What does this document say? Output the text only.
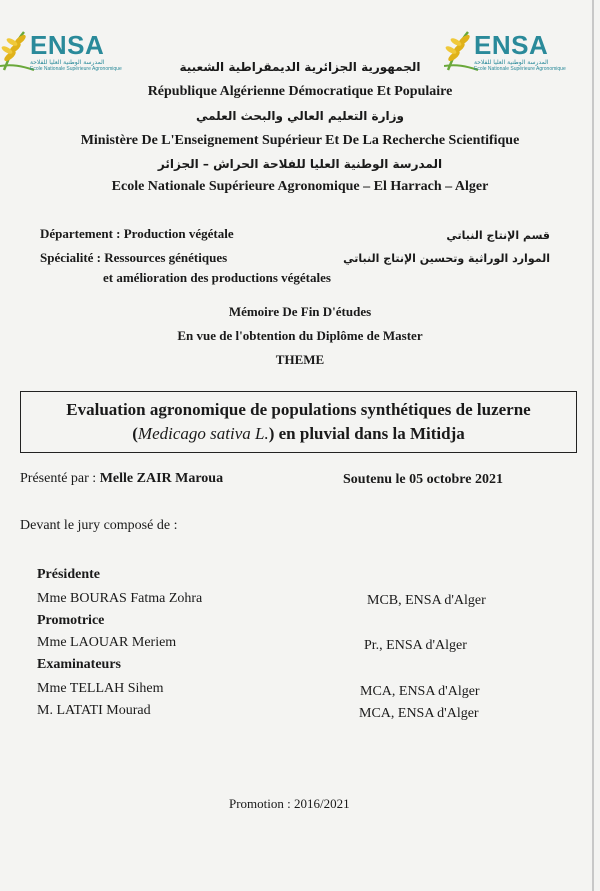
ENSA
المدرسة الوطنية العليا للفلاحة
Ecole Nationale Supérieure Agronomique
ENSA
المدرسة الوطنية العليا للفلاحة
Ecole Nationale Supérieure Agronomique
الجمهورية الجزائرية الديمقراطية الشعبية
République Algérienne Démocratique Et Populaire
وزارة التعليم العالي والبحث العلمي
Ministère De L'Enseignement Supérieur Et De La Recherche Scientifique
المدرسة الوطنية العليا للفلاحة الحراش – الجزائر
Ecole Nationale Supérieure Agronomique – El Harrach – Alger
Département : Production végétale	قسم الإنتاج النباتي
Spécialité : Ressources génétiques
et amélioration des productions végétales
الموارد الوراثية وتحسين الإنتاج النباتي
Mémoire De Fin D'études
En vue de l'obtention du Diplôme de Master
THEME
Evaluation agronomique de populations synthétiques de luzerne
(Medicago sativa L.) en pluvial dans la Mitidja
Présenté par : Melle ZAIR Maroua	Soutenu le 05 octobre 2021
Devant le jury composé de :
Présidente
Mme BOURAS Fatma Zohra	MCB, ENSA d'Alger
Promotrice
Mme LAOUAR Meriem	Pr., ENSA d'Alger
Examinateurs
Mme TELLAH Sihem	MCA, ENSA d'Alger
M. LATATI Mourad	MCA, ENSA d'Alger
Promotion : 2016/2021
